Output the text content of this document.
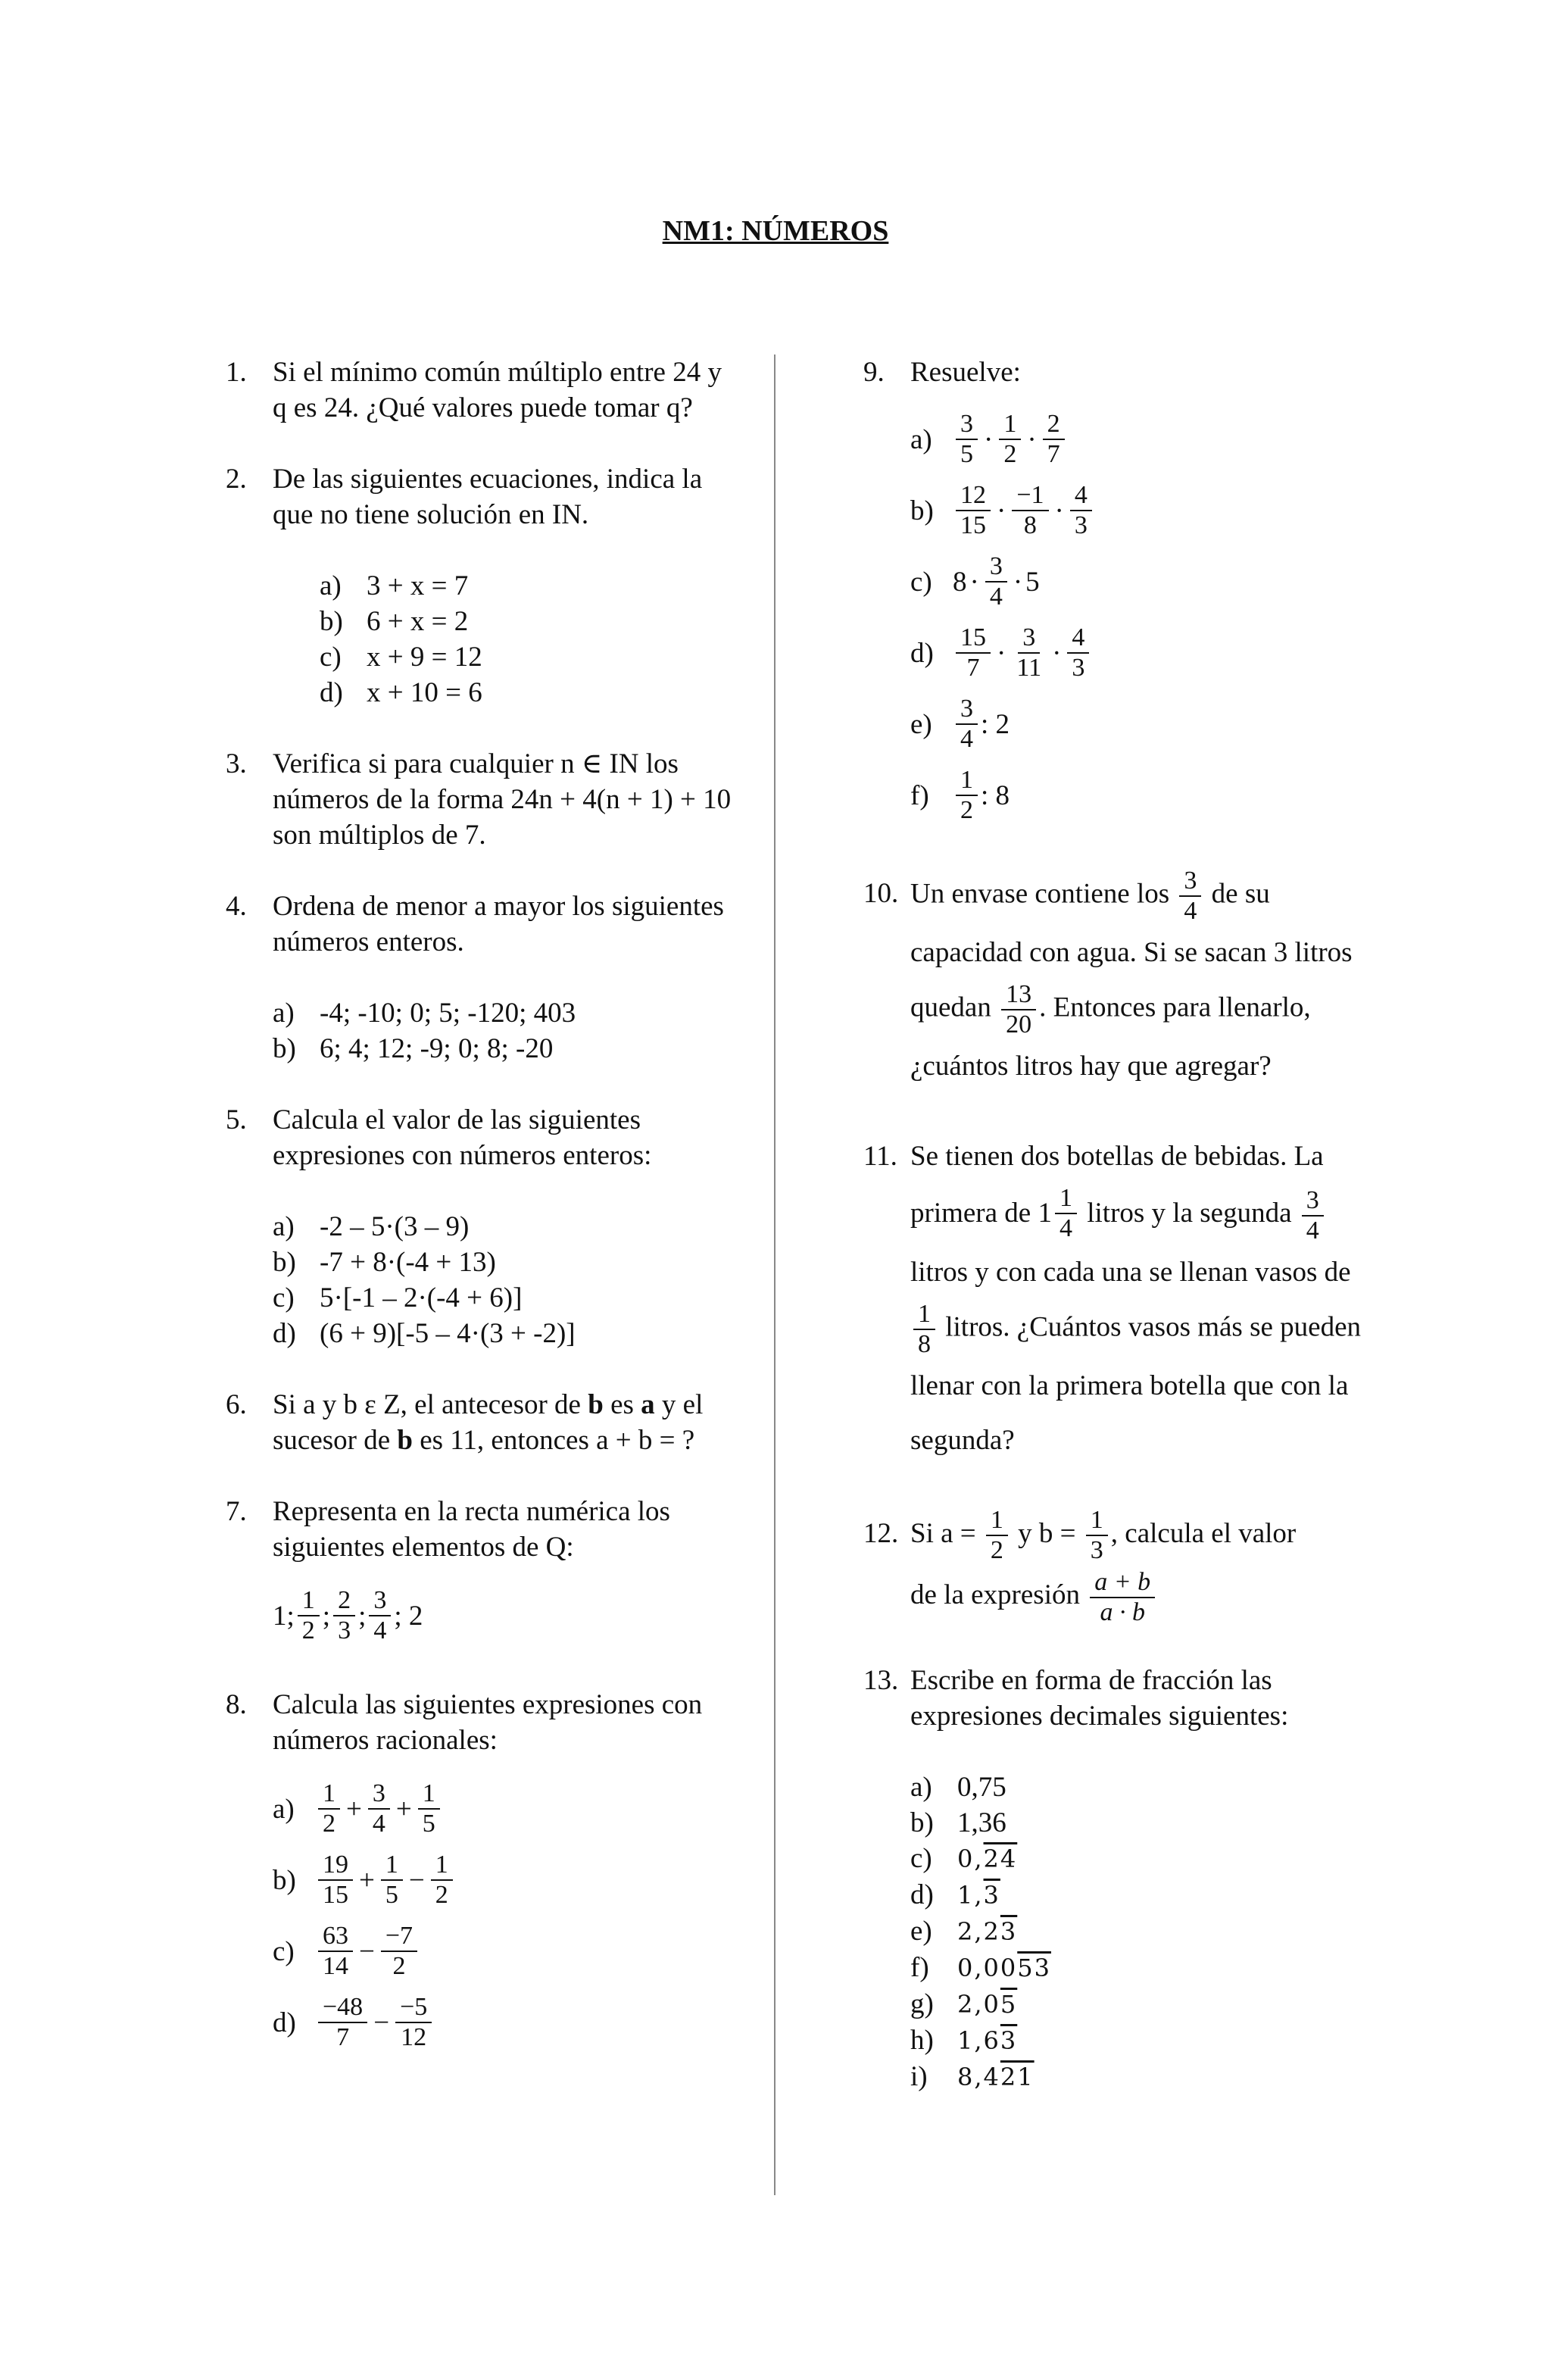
NM1: NÚMEROS
1. Si el mínimo común múltiplo entre 24 y q es 24. ¿Qué valores puede tomar q?
2. De las siguientes ecuaciones, indica la que no tiene solución en IN.
a) 3 + x = 7
b) 6 + x = 2
c) x + 9 = 12
d) x + 10 = 6
3. Verifica si para cualquier n ∈ IN los números de la forma 24n + 4(n + 1) + 10 son múltiplos de 7.
4. Ordena de menor a mayor los siguientes números enteros.
a) -4; -10; 0; 5; -120; 403
b) 6; 4; 12; -9; 0; 8; -20
5. Calcula el valor de las siguientes expresiones con números enteros:
a) -2 – 5·(3 – 9)
b) -7 + 8·(-4 + 13)
c) 5·[-1 – 2·(-4 + 6)]
d) (6 + 9)[-5 – 4·(3 + -2)]
6. Si a y b ε Z, el antecesor de b es a y el sucesor de b es 11, entonces a + b = ?
7. Representa en la recta numérica los siguientes elementos de Q:
1; $\frac{1}{2}$ ; $\frac{2}{3}$ ; $\frac{3}{4}$ ; 2
8. Calcula las siguientes expresiones con números racionales:
$a) \frac{1}{2} + \frac{3}{4} + \frac{1}{5}$
$b) \frac{19}{15} + \frac{1}{5} - \frac{1}{2}$
$c) \frac{63}{14} - \frac{-7}{2}$
$d) \frac{-48}{7} - \frac{-5}{12}$
9. Resuelve:
$a) \frac{3}{5} \cdot \frac{1}{2} \cdot \frac{2}{7}$
$b) \frac{12}{15} \cdot \frac{-1}{8} \cdot \frac{4}{3}$
c) $8 \cdot \frac{3}{4} \cdot 5$
$d) \frac{15}{7} \cdot \frac{3}{11} \cdot \frac{4}{3}$
$e) \frac{3}{4}$ : 2
f)	$\frac{1}{2}$ : 8
10. Un envase contiene los $\frac{3}{4}$ de su capacidad con agua. Si se sacan 3 litros quedan $\frac{13}{20}$ . Entonces para llenarlo, ¿cuántos litros hay que agregar?
11. Se tienen dos botellas de bebidas. La primera de $1 \frac{1}{4}$ litros y la segunda $\frac{3}{4}$
litros y con cada una se llenan vasos de
$\frac{1}{8}$ litros. ¿Cuántos vasos más se pueden llenar con la primera botella que con la segunda?
12. Si $a = \frac{1}{2}$ y $b = \frac{1}{3}$ , calcula el valor
de la expresión $\frac{a + b}{a \cdot b}$
13. Escribe en forma de fracción las expresiones decimales siguientes:
a) 0,75
b) 1,36
c) 0,24
d) 1,3
e) 2,23
f) 0,0053
g) 2,05
h) 1,63
i) 8,421
